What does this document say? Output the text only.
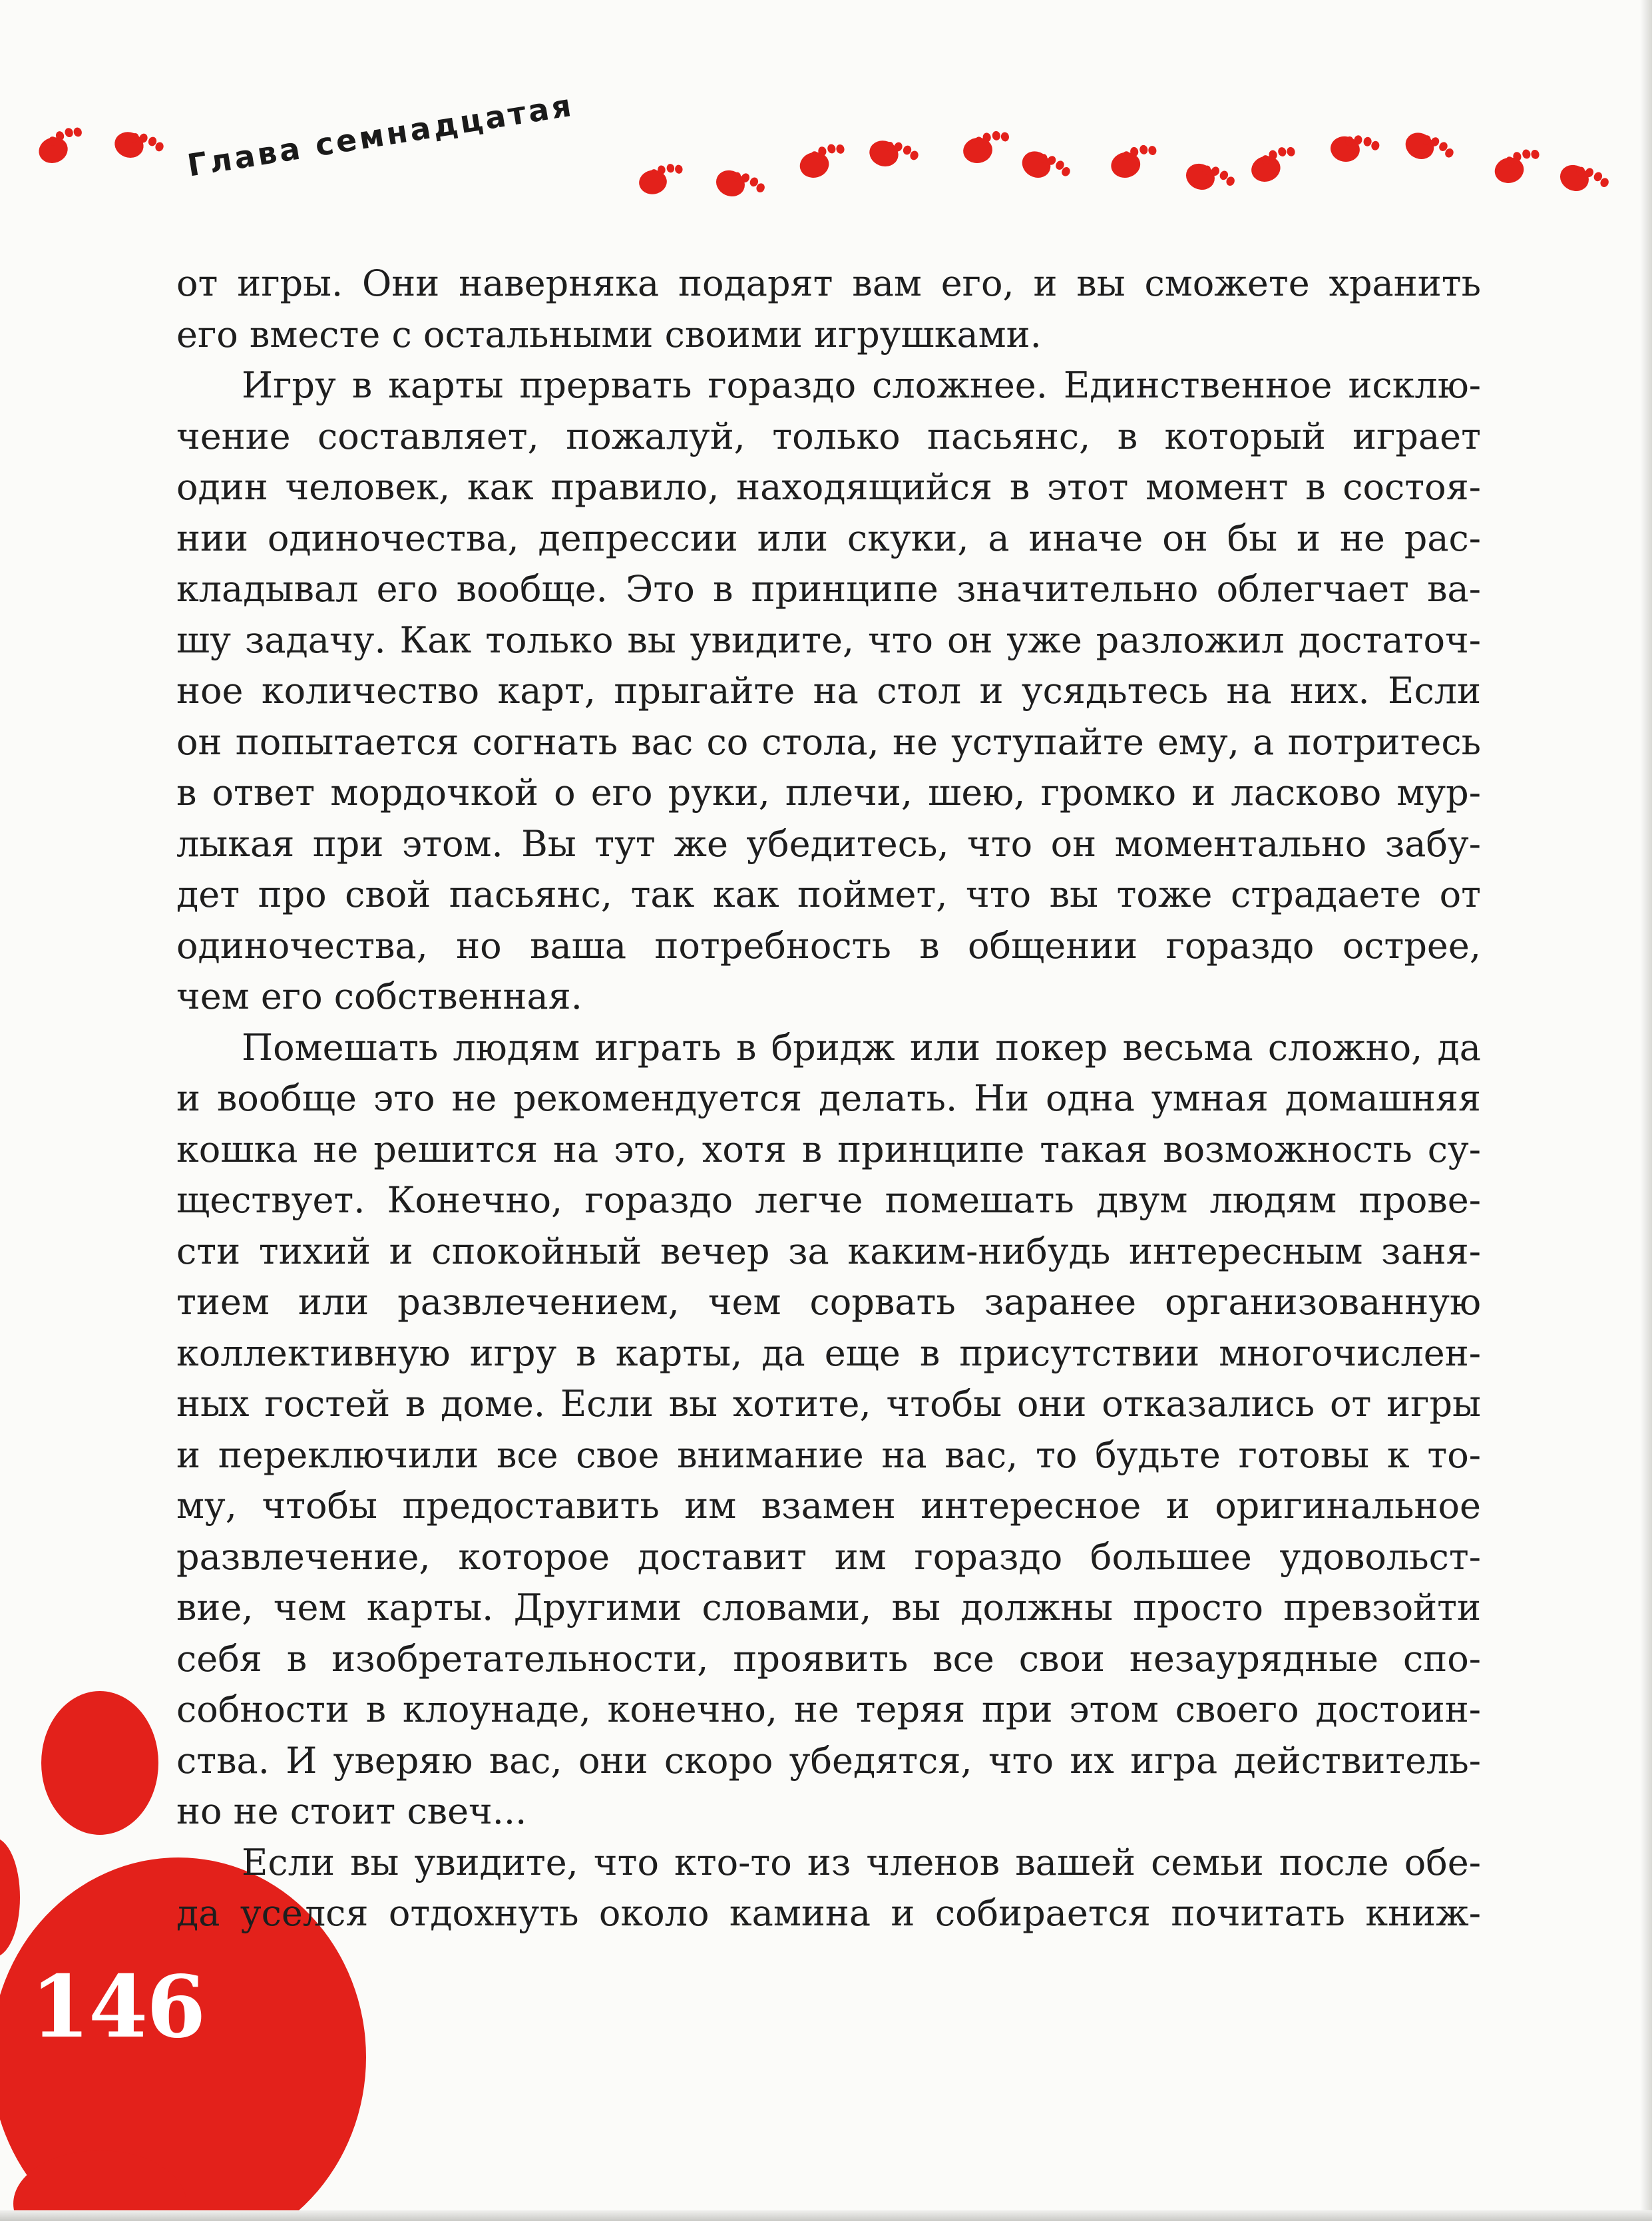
Глава семнадцатая

от игры. Они наверняка подарят вам его, и вы сможете хранить
его вместе с остальными своими игрушками.

Игру в карты прервать гораздо сложнее. Единственное исклю-
чение составляет, пожалуй, только пасьянс, в который играет
один человек, как правило, находящийся в этот момент в состоя-
нии одиночества, депрессии или скуки, а иначе он бы и не рас-
кладывал его вообще. Это в принципе значительно облегчает ва-
шу задачу. Как только вы увидите, что он уже разложил достаточ-
ное количество карт, прыгайте на стол и усядьтесь на них. Если
он попытается согнать вас со стола, не уступайте ему, а потритесь
в ответ мордочкой о его руки, плечи, шею, громко и ласково мур-
лыкая при этом. Вы тут же убедитесь, что он моментально забу-
дет про свой пасьянс, так как поймет, что вы тоже страдаете от
одиночества, но ваша потребность в общении гораздо острее,
чем его собственная.

Помешать людям играть в бридж или покер весьма сложно, да
и вообще это не рекомендуется делать. Ни одна умная домашняя
кошка не решится на это, хотя в принципе такая возможность су-
ществует. Конечно, гораздо легче помешать двум людям прове-
сти тихий и спокойный вечер за каким-нибудь интересным заня-
тием или развлечением, чем сорвать заранее организованную
коллективную игру в карты, да еще в присутствии многочислен-
ных гостей в доме. Если вы хотите, чтобы они отказались от игры
и переключили все свое внимание на вас, то будьте готовы к то-
му, чтобы предоставить им взамен интересное и оригинальное
развлечение, которое доставит им гораздо большее удовольст-
вие, чем карты. Другими словами, вы должны просто превзойти
себя в изобретательности, проявить все свои незаурядные спо-
собности в клоунаде, конечно, не теряя при этом своего достоин-
ства. И уверяю вас, они скоро убедятся, что их игра действитель-
но не стоит свеч...

Если вы увидите, что кто-то из членов вашей семьи после обе-
да уселся отдохнуть около камина и собирается почитать книж-

146
